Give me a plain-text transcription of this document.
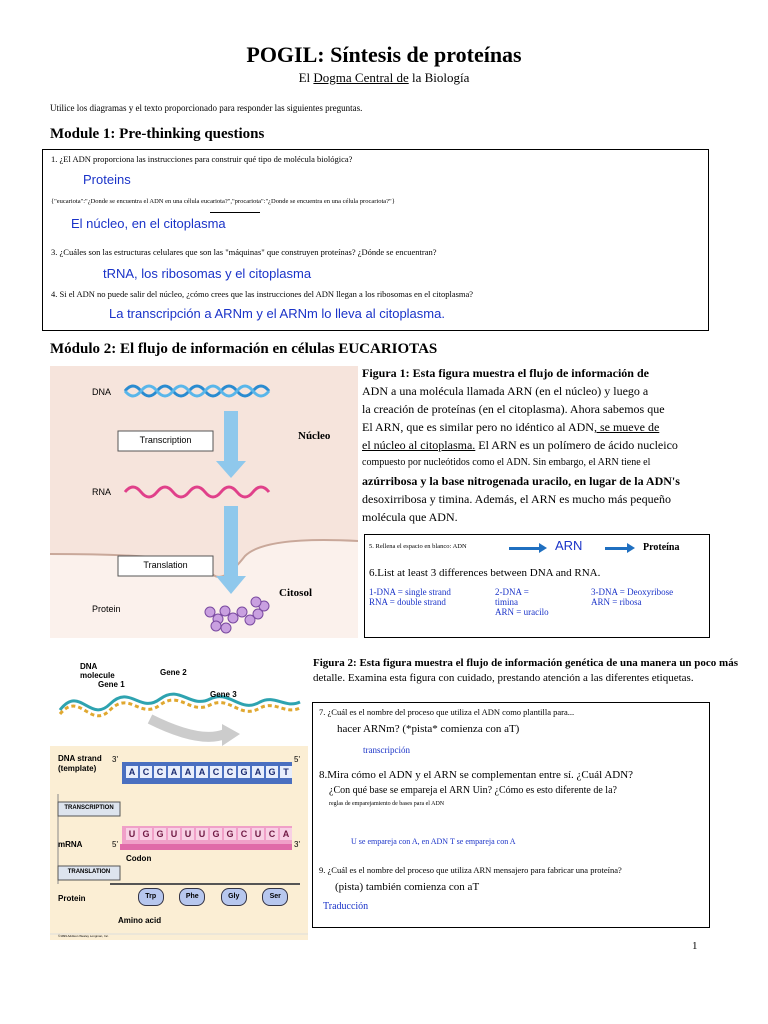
POGIL: Síntesis de proteínas
El Dogma Central de la Biología
Utilice los diagramas y el texto proporcionado para responder las siguientes preguntas.
Module 1: Pre-thinking questions
1. ¿El ADN proporciona las instrucciones para construir qué tipo de molécula biológica?
Proteins
{"eucariota":"¿Donde se encuentra el ADN en una célula eucariota?","procariota":"¿Donde se encuentra en una célula procariota?"}
El núcleo, en el citoplasma
3. ¿Cuáles son las estructuras celulares que son las "máquinas" que construyen proteínas? ¿Dónde se encuentran?
tRNA, los ribosomas y el citoplasma
4. Si el ADN no puede salir del núcleo, ¿cómo crees que las instrucciones del ADN llegan a los ribosomas en el citoplasma?
La transcripción a ARNm y el ARNm lo lleva al citoplasma.
Módulo 2: El flujo de información en células EUCARIOTAS
DNA
Transcription	Núcleo
RNA
Translation
Citosol
Protein
Figura 1: Esta figura muestra el flujo de información de
ADN a una molécula llamada ARN (en el núcleo) y luego a
la creación de proteínas (en el citoplasma). Ahora sabemos que
El ARN, que es similar pero no idéntico al ADN, se mueve de
el núcleo al citoplasma. El ARN es un polímero de ácido nucleico
compuesto por nucleótidos como el ADN. Sin embargo, el ARN tiene el
azúrribosa y la base nitrogenada uracilo, en lugar de la ADN's
desoxirribosa y timina. Además, el ARN es mucho más pequeño
molécula que ADN.
5. Rellena el espacio en blanco: ADN	ARN	Proteína
6.List at least 3 differences between DNA and RNA.
1-DNA = single strand
RNA = double strand
2-DNA =
timina
ARN = uracilo
3-DNA = Deoxyribose
ARN = ribosa
DNA molecule
Gene 1
Gene 2
Gene 3
DNA strand
(template)
3'	5'
A C C A A A C C G A G T
TRANSCRIPTION
mRNA	5'	3'
U G G U U U G G C U C A
Codon
TRANSLATION
Protein	Trp	Phe	Gly	Ser
Amino acid
©1999 Addison Wesley Longman, Inc.
Figura 2: Esta figura muestra el flujo de información genética de una manera un poco más
detalle. Examina esta figura con cuidado, prestando atención a las diferentes etiquetas.
7. ¿Cuál es el nombre del proceso que utiliza el ADN como plantilla para...
hacer ARNm? (*pista* comienza con aT)
transcripción
8.Mira cómo el ADN y el ARN se complementan entre sí. ¿Cuál ADN?
¿Con qué base se empareja el ARN Uin? ¿Cómo es esto diferente de la?
reglas de emparejamiento de bases para el ADN
U se empareja con A, en ADN T se empareja con A
9. ¿Cuál es el nombre del proceso que utiliza ARN mensajero para fabricar una proteína?
(pista) también comienza con aT
Traducción
1
